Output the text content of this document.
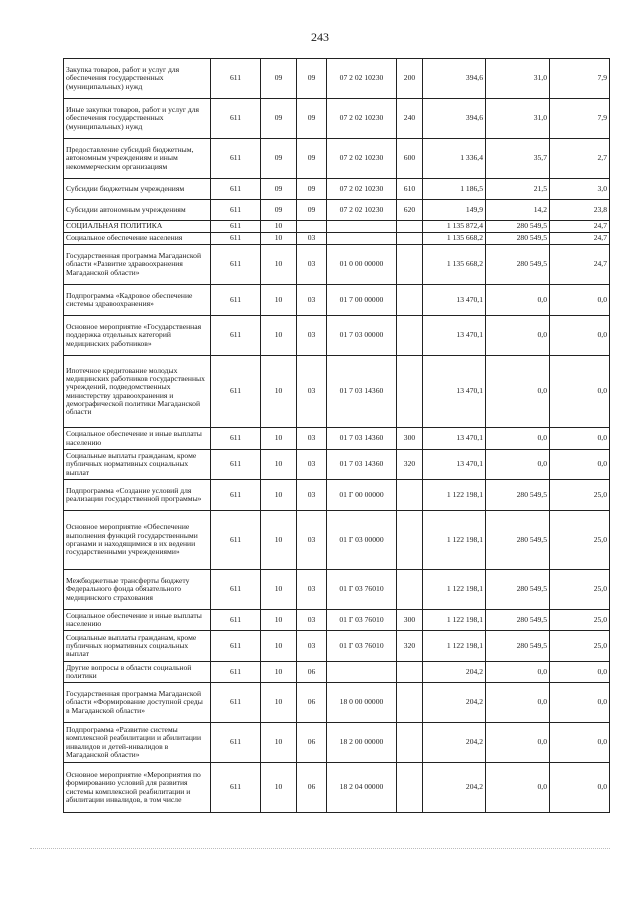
243
Закупка товаров, работ и услуг для обеспечения государственных (муниципальных) нужд	611	09	09	07 2 02 10230	200	394,6	31,0	7,9
Иные закупки товаров, работ и услуг для обеспечения государственных (муниципальных) нужд	611	09	09	07 2 02 10230	240	394,6	31,0	7,9
Предоставление субсидий бюджетным, автономным учреждениям и иным некоммерческим организациям	611	09	09	07 2 02 10230	600	1 336,4	35,7	2,7
Субсидии бюджетным учреждениям	611	09	09	07 2 02 10230	610	1 186,5	21,5	3,0
Субсидии автономным учреждениям	611	09	09	07 2 02 10230	620	149,9	14,2	23,8
СОЦИАЛЬНАЯ ПОЛИТИКА	611	10				1 135 872,4	280 549,5	24,7
Социальное обеспечение населения	611	10	03			1 135 668,2	280 549,5	24,7
Государственная программа Магаданской области «Развитие здравоохранения Магаданской области»	611	10	03	01 0 00 00000		1 135 668,2	280 549,5	24,7
Подпрограмма «Кадровое обеспечение системы здравоохранения»	611	10	03	01 7 00 00000		13 470,1	0,0	0,0
Основное мероприятие «Государственная поддержка отдельных категорий медицинских работников»	611	10	03	01 7 03 00000		13 470,1	0,0	0,0
Ипотечное кредитование молодых медицинских работников государственных учреждений, подведомственных министерству здравоохранения и демографической политики Магаданской области	611	10	03	01 7 03 14360		13 470,1	0,0	0,0
Социальное обеспечение и иные выплаты населению	611	10	03	01 7 03 14360	300	13 470,1	0,0	0,0
Социальные выплаты гражданам, кроме публичных нормативных социальных выплат	611	10	03	01 7 03 14360	320	13 470,1	0,0	0,0
Подпрограмма «Создание условий для реализации государственной программы»	611	10	03	01 Г 00 00000		1 122 198,1	280 549,5	25,0
Основное мероприятие «Обеспечение выполнения функций государственными органами и находящимися в их ведении государственными учреждениями»	611	10	03	01 Г 03 00000		1 122 198,1	280 549,5	25,0
Межбюджетные трансферты бюджету Федерального фонда обязательного медицинского страхования	611	10	03	01 Г 03 76010		1 122 198,1	280 549,5	25,0
Социальное обеспечение и иные выплаты населению	611	10	03	01 Г 03 76010	300	1 122 198,1	280 549,5	25,0
Социальные выплаты гражданам, кроме публичных нормативных социальных выплат	611	10	03	01 Г 03 76010	320	1 122 198,1	280 549,5	25,0
Другие вопросы в области социальной политики	611	10	06			204,2	0,0	0,0
Государственная программа Магаданской области «Формирование доступной среды в Магаданской области»	611	10	06	18 0 00 00000		204,2	0,0	0,0
Подпрограмма «Развитие системы комплексной реабилитации и абилитации инвалидов и детей-инвалидов в Магаданской области»	611	10	06	18 2 00 00000		204,2	0,0	0,0
Основное мероприятие «Мероприятия по формированию условий для развития системы комплексной реабилитации и абилитации инвалидов, в том числе	611	10	06	18 2 04 00000		204,2	0,0	0,0
